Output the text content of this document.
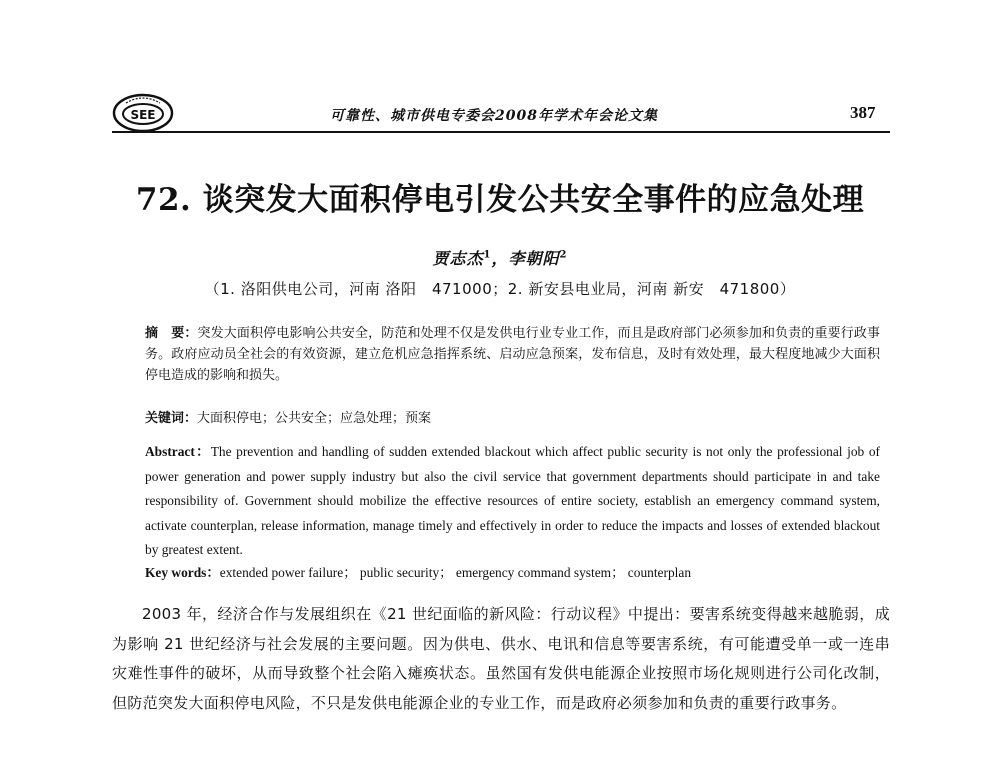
SEE	可靠性、城市供电专委会2008年学术年会论文集	387
72. 谈突发大面积停电引发公共安全事件的应急处理
贾志杰$^1$，李朝阳$^2$
（1. 洛阳供电公司，河南 洛阳　471000；2. 新安县电业局，河南 新安　471800）
摘　要：突发大面积停电影响公共安全，防范和处理不仅是发供电行业专业工作，而且是政府部门必须参加和负责的重要行政事务。政府应动员全社会的有效资源，建立危机应急指挥系统、启动应急预案，发布信息，及时有效处理，最大程度地减少大面积停电造成的影响和损失。
关键词：大面积停电；公共安全；应急处理；预案
Abstract：The prevention and handling of sudden extended blackout which affect public security is not only the professional job of power generation and power supply industry but also the civil service that government departments should participate in and take responsibility of. Government should mobilize the effective resources of entire society, establish an emergency command system, activate counterplan, release information, manage timely and effectively in order to reduce the impacts and losses of extended blackout by greatest extent.
Key words：extended power failure； public security； emergency command system； counterplan
2003 年，经济合作与发展组织在《21 世纪面临的新风险：行动议程》中提出：要害系统变得越来越脆弱，成为影响 21 世纪经济与社会发展的主要问题。因为供电、供水、电讯和信息等要害系统，有可能遭受单一或一连串灾难性事件的破坏，从而导致整个社会陷入瘫痪状态。虽然国有发供电能源企业按照市场化规则进行公司化改制，但防范突发大面积停电风险，不只是发供电能源企业的专业工作，而是政府必须参加和负责的重要行政事务。
